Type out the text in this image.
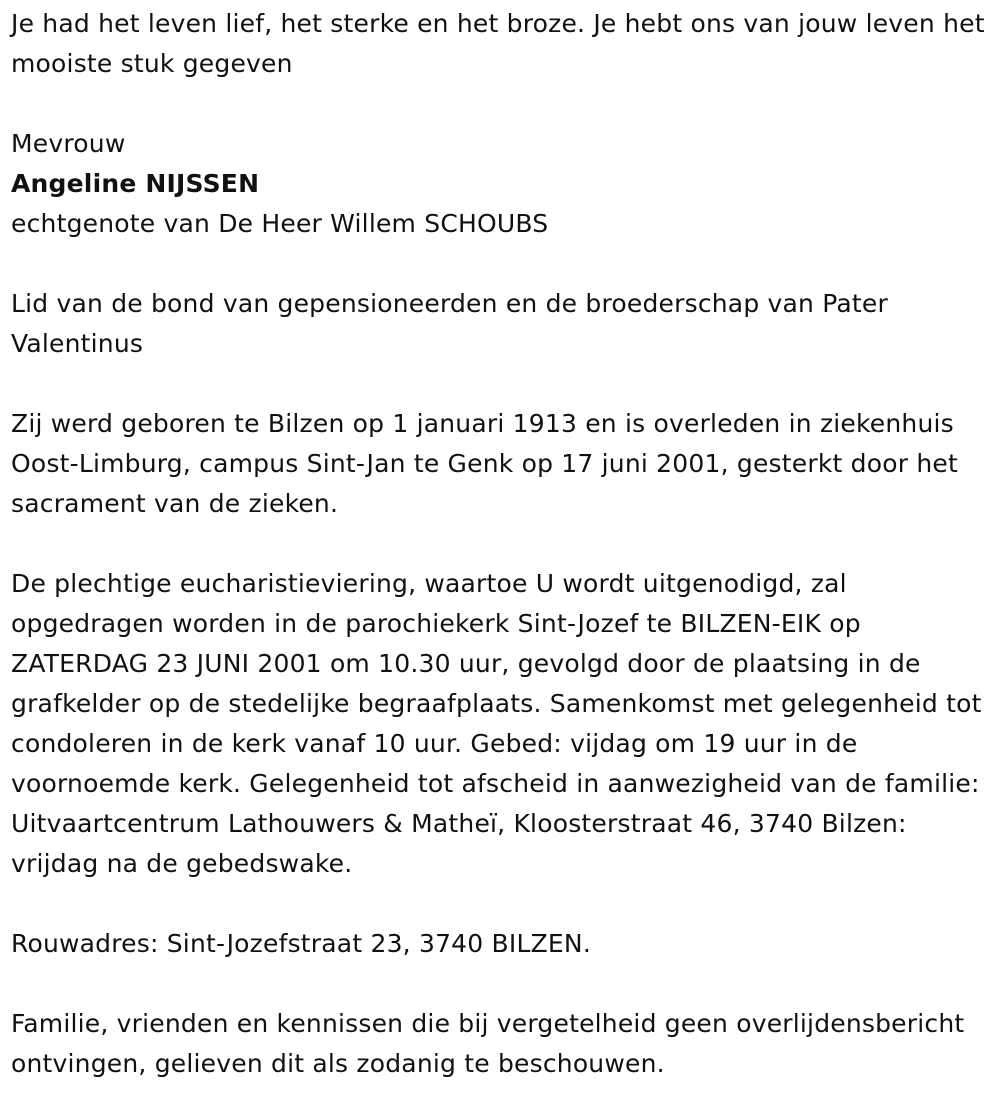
Je had het leven lief, het sterke en het broze. Je hebt ons van jouw leven het mooiste stuk gegeven

Mevrouw

Angeline NIJSSEN

echtgenote van De Heer Willem SCHOUBS

Lid van de bond van gepensioneerden en de broederschap van Pater Valentinus

Zij werd geboren te Bilzen op 1 januari 1913 en is overleden in ziekenhuis Oost-Limburg, campus Sint-Jan te Genk op 17 juni 2001, gesterkt door het sacrament van de zieken.

De plechtige eucharistieviering, waartoe U wordt uitgenodigd, zal opgedragen worden in de parochiekerk Sint-Jozef te BILZEN-EIK op ZATERDAG 23 JUNI 2001 om 10.30 uur, gevolgd door de plaatsing in de grafkelder op de stedelijke begraafplaats. Samenkomst met gelegenheid tot condoleren in de kerk vanaf 10 uur. Gebed: vijdag om 19 uur in de voornoemde kerk. Gelegenheid tot afscheid in aanwezigheid van de familie: Uitvaartcentrum Lathouwers & Matheï, Kloosterstraat 46, 3740 Bilzen: vrijdag na de gebedswake.

Rouwadres: Sint-Jozefstraat 23, 3740 BILZEN.

Familie, vrienden en kennissen die bij vergetelheid geen overlijdensbericht ontvingen, gelieven dit als zodanig te beschouwen.
